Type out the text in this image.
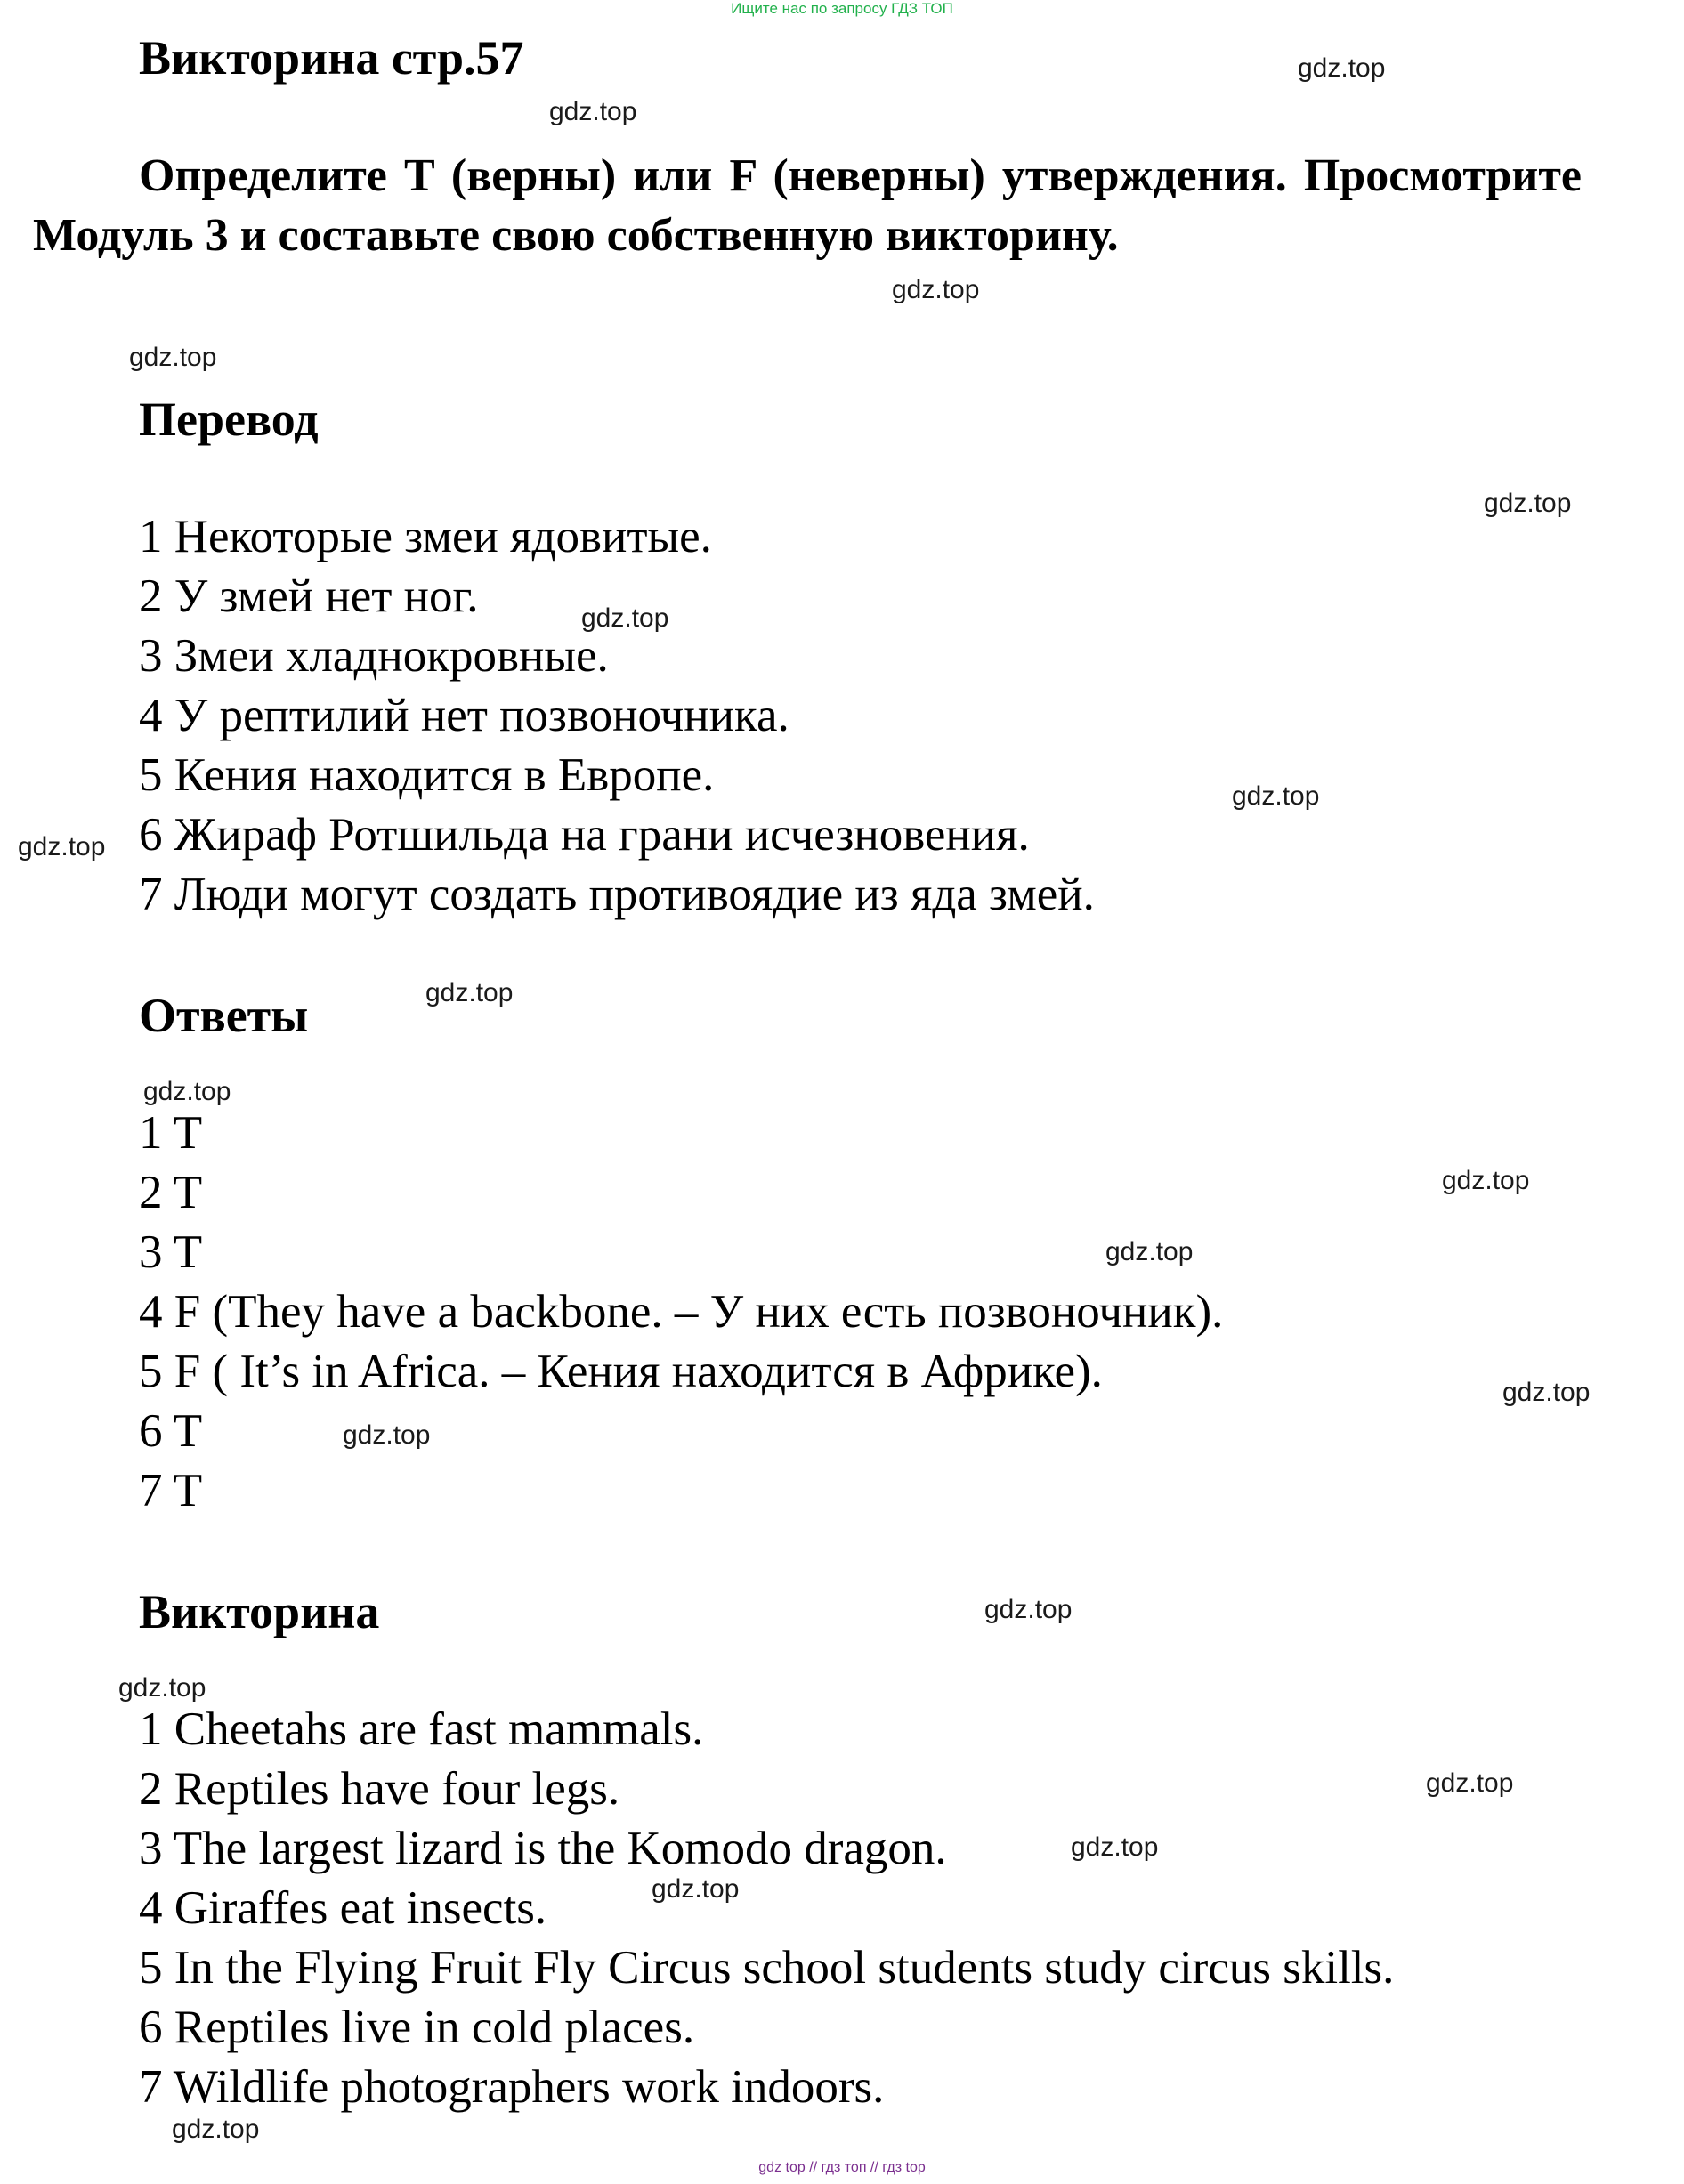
Ищите нас по запросу ГДЗ ТОП
Викторина стр.57
Определите T (верны) или F (неверны) утверждения. Просмотрите Модуль 3 и составьте свою собственную викторину.
Перевод
1 Некоторые змеи ядовитые.
2 У змей нет ног.
3 Змеи хладнокровные.
4 У рептилий нет позвоночника.
5 Кения находится в Европе.
6 Жираф Ротшильда на грани исчезновения.
7 Люди могут создать противоядие из яда змей.
Ответы
1 T
2 T
3 T
4 F (They have a backbone. – У них есть позвоночник).
5 F ( It’s in Africa. – Кения находится в Африке).
6 T
7 T
Викторина
1 Cheetahs are fast mammals.
2 Reptiles have four legs.
3 The largest lizard is the Komodo dragon.
4 Giraffes eat insects.
5 In the Flying Fruit Fly Circus school students study circus skills.
6 Reptiles live in cold places.
7 Wildlife photographers work indoors.
gdz.top
gdz.top
gdz.top
gdz.top
gdz.top
gdz.top
gdz.top
gdz.top
gdz.top
gdz.top
gdz.top
gdz.top
gdz.top
gdz.top
gdz.top
gdz.top
gdz.top
gdz.top
gdz.top
gdz.top
gdz top // гдз топ // гдз top
